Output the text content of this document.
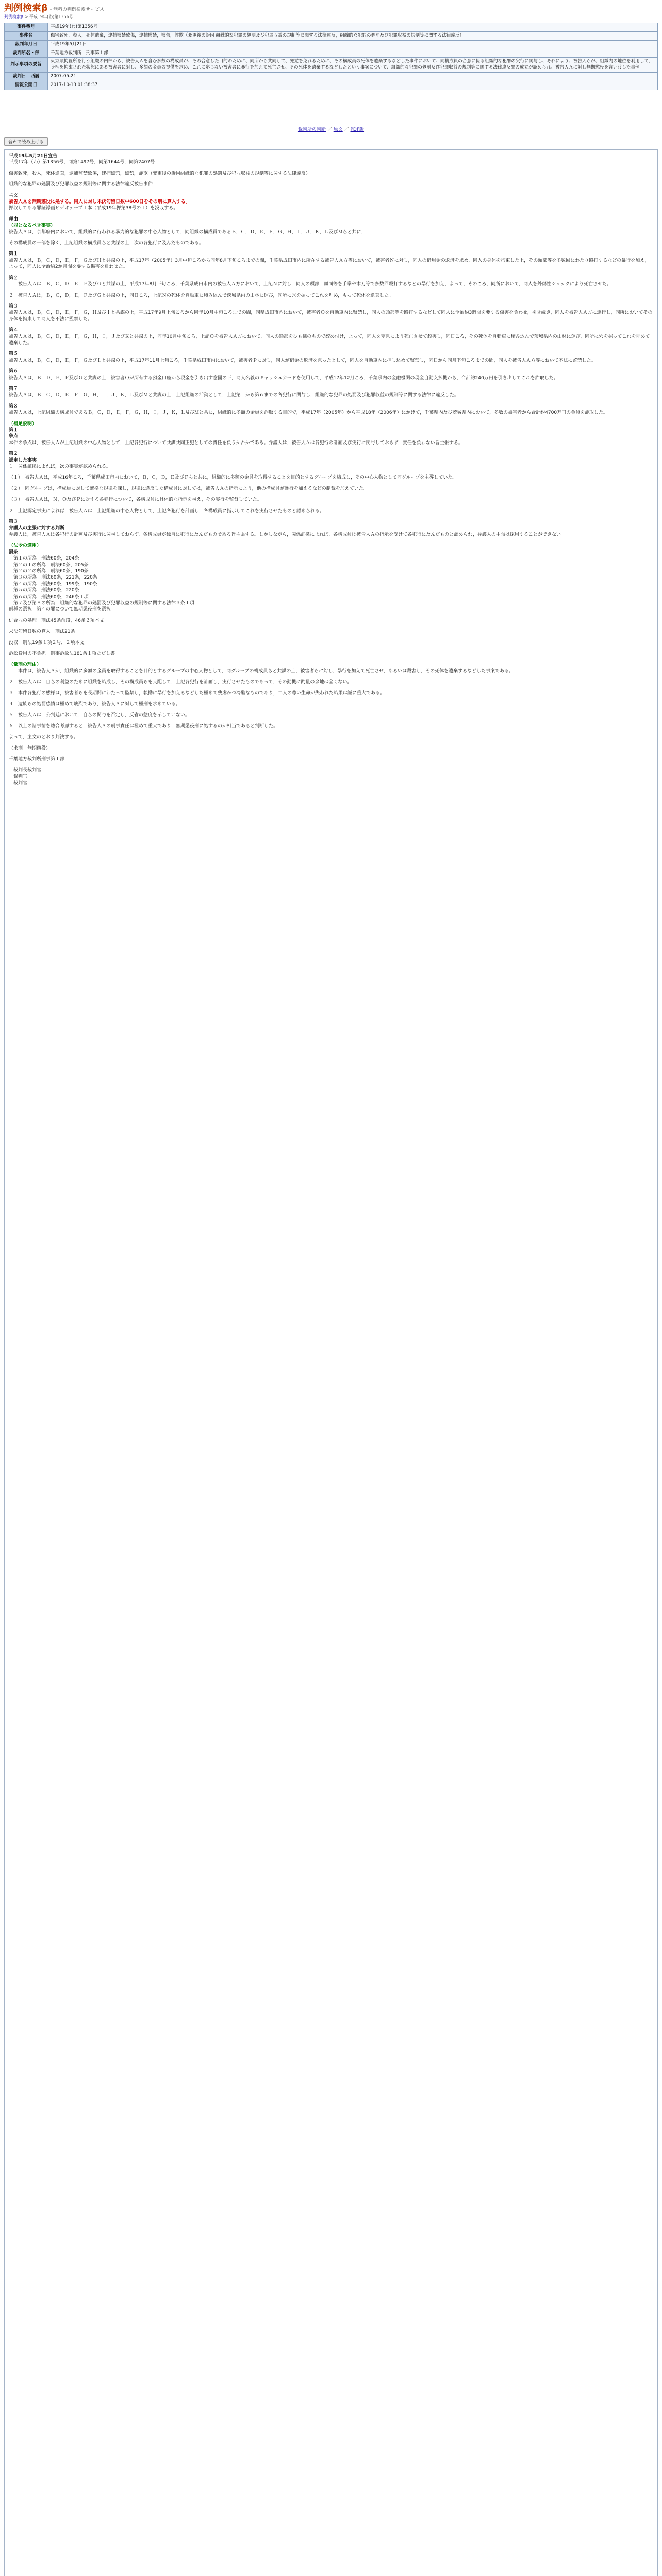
判例検索β - 無料の判例検索サービス
判例検索β > 平成19年(わ)第1356号
事件番号	平成19年(わ)第1356号
事件名	傷害致死，殺人，死体遺棄，逮捕監禁致傷，逮捕監禁，監禁，詐欺（変更後の訴因 組織的な犯罪の処罰及び犯罪収益の規制等に関する法律違反，組織的な犯罪の処罰及び犯罪収益の規制等に関する法律違反）
裁判年月日	平成19年5月21日
裁判所名・部	千葉地方裁判所　刑事第１部
判示事項の要旨	東京頭拘置所を行う組織の内部から、被告人Ａを含む多数の構成員が、その合意した目的のために、同所から共同して、発覚を免れるために、その構成員の死体を遺棄するなどした事件において、同構成員の合意に係る組織的な犯罪の実行に関与し、それにより、被告人らが、組織内の地位を利用して、身柄を拘束された状態にある被害者に対し、多額の金員の提供を求め、これに応じない被害者に暴行を加えて死亡させ、その死体を遺棄するなどしたという事案について、組織的な犯罪の処罰及び犯罪収益の規制等に関する法律違反罪の成立が認められ、被告人Ａに対し無期懲役を言い渡した事例
裁判日：西暦	2007-05-21
情報公開日	2017-10-13 01:38:37
裁判所の判断 ／ 原文 ／ PDF版
音声で読み上げる
平成19年5月21日宣告
平成17年（わ）第1356号，同第1497号，同第1644号，同第2407号
傷害致死，殺人，死体遺棄，逮捕監禁致傷，逮捕監禁，監禁，詐欺（変更後の訴因組織的な犯罪の処罰及び犯罪収益の規制等に関する法律違反）
組織的な犯罪の処罰及び犯罪収益の規制等に関する法律違反被告事件
主文
被告人Ａを無期懲役に処する。同人に対し未決勾留日数中600日をその刑に算入する。
押収してある罪証録画ビデオテープ１本（平成19年押第38号の１）を没収する。
理由
（罪となるべき事実）
被告人Ａは，京都府内において，組織的に行われる暴力的な犯罪の中心人物として，同組織の構成員であるＢ，Ｃ，Ｄ，Ｅ，Ｆ，Ｇ，Ｈ，Ｉ，Ｊ，Ｋ，Ｌ及びＭらと共に，
その構成員の一部を除く，上記組織の構成員らと共謀の上，次の各犯行に及んだものである。
第１
被告人Ａは，Ｂ，Ｃ，Ｄ，Ｅ，Ｆ，Ｇ及びＨと共謀の上，平成17年（2005年）3月中旬ころから同年8月下旬ころまでの間，千葉県成田市内に所在する被告人Ａ方等において，被害者Ｎに対し，同人の借用金の返済を求め，同人の身体を拘束した上，その頭部等を多数回にわたり殴打するなどの暴行を加え，よって，同人に全治約2か月間を要する傷害を負わせた。
第２
１　被告人Ａは，Ｂ，Ｃ，Ｄ，Ｅ，Ｆ及びＧと共謀の上，平成17年8月下旬ころ，千葉県成田市内の被告人Ａ方において，上記Ｎに対し，同人の頭部，顔面等を手拳や木刀等で多数回殴打するなどの暴行を加え，よって，そのころ，同所において，同人を外傷性ショックにより死亡させた。
２　被告人Ａは，Ｂ，Ｃ，Ｄ，Ｅ，Ｆ及びＧと共謀の上，同日ころ，上記Ｎの死体を自動車に積み込んで茨城県内の山林に運び，同所に穴を掘ってこれを埋め，もって死体を遺棄した。
第３
被告人Ａは，Ｂ，Ｃ，Ｄ，Ｅ，Ｆ，Ｇ，Ｈ及びＩと共謀の上，平成17年9月上旬ころから同年10月中旬ころまでの間，同県成田市内において，被害者Ｏを自動車内に監禁し，同人の頭部等を殴打するなどして同人に全治約3週間を要する傷害を負わせ，引き続き，同人を被告人Ａ方に連行し，同所においてその身体を拘束して同人を不法に監禁した。
第４
被告人Ａは，Ｂ，Ｃ，Ｄ，Ｅ，Ｆ，Ｇ，Ｈ，Ｉ，Ｊ及びＫと共謀の上，同年10月中旬ころ，上記Ｏを被告人Ａ方において，同人の頸部をひも様のもので絞め付け，よって，同人を窒息により死亡させて殺害し，同日ころ，その死体を自動車に積み込んで茨城県内の山林に運び，同所に穴を掘ってこれを埋めて遺棄した。
第５
被告人Ａは，Ｂ，Ｃ，Ｄ，Ｅ，Ｆ，Ｇ及びＬと共謀の上，平成17年11月上旬ころ，千葉県成田市内において，被害者Ｐに対し，同人が借金の返済を怠ったとして，同人を自動車内に押し込めて監禁し，同日から同月下旬ころまでの間，同人を被告人Ａ方等において不法に監禁した。
第６
被告人Ａは，Ｂ，Ｄ，Ｅ，Ｆ及びＧと共謀の上，被害者Ｑが所有する預金口座から現金を引き出す意図の下，同人名義のキャッシュカードを使用して，平成17年12月ころ，千葉県内の金融機関の現金自動支払機から，合計約240万円を引き出してこれを詐取した。
第７
被告人Ａは，Ｂ，Ｃ，Ｄ，Ｅ，Ｆ，Ｇ，Ｈ，Ｉ，Ｊ，Ｋ，Ｌ及びＭと共謀の上，上記組織の活動として，上記第１から第６までの各犯行に関与し，組織的な犯罪の処罰及び犯罪収益の規制等に関する法律に違反した。
第８
被告人Ａは，上記組織の構成員であるＢ，Ｃ，Ｄ，Ｅ，Ｆ，Ｇ，Ｈ，Ｉ，Ｊ，Ｋ，Ｌ及びＭと共に，組織的に多額の金員を詐取する目的で，平成17年（2005年）から平成18年（2006年）にかけて，千葉県内及び茨城県内において，多数の被害者から合計約4700万円の金員を詐取した。
（補足説明）
第１
争点
本件の争点は，被告人Ａが上記組織の中心人物として，上記各犯行について共謀共同正犯としての責任を負うか否かである。弁護人は，被告人Ａは各犯行の計画及び実行に関与しておらず，責任を負わない旨主張する。
第２
認定した事実
１　関係証拠によれば，次の事実が認められる。
（１）　被告人Ａは，平成16年ころ，千葉県成田市内において，Ｂ，Ｃ，Ｄ，Ｅ及びＦらと共に，組織的に多額の金員を取得することを目的とするグループを結成し，その中心人物として同グループを主導していた。
（２）　同グループは，構成員に対して厳格な規律を課し，規律に違反した構成員に対しては，被告人Ａの指示により，他の構成員が暴行を加えるなどの制裁を加えていた。
（３）　被告人Ａは，Ｎ，Ｏ及びＰに対する各犯行について，各構成員に具体的な指示を与え，その実行を監督していた。
２　上記認定事実によれば，被告人Ａは，上記組織の中心人物として，上記各犯行を計画し，各構成員に指示してこれを実行させたものと認められる。
第３
弁護人の主張に対する判断
弁護人は，被告人Ａは各犯行の計画及び実行に関与しておらず，各構成員が独自に犯行に及んだものである旨主張する。しかしながら，関係証拠によれば，各構成員は被告人Ａの指示を受けて各犯行に及んだものと認められ，弁護人の主張は採用することができない。
（法令の適用）
罰条
第１の所為　刑法60条，204条
第２の１の所為　刑法60条，205条
第２の２の所為　刑法60条，190条
第３の所為　刑法60条，221条，220条
第４の所為　刑法60条，199条，190条
第５の所為　刑法60条，220条
第６の所為　刑法60条，246条１項
第７及び第８の所為　組織的な犯罪の処罰及び犯罪収益の規制等に関する法律３条１項
刑種の選択　第４の罪について無期懲役刑を選択
併合罪の処理　刑法45条前段，46条２項本文
未決勾留日数の算入　刑法21条
没収　刑法19条１項２号，２項本文
訴訟費用の不負担　刑事訴訟法181条１項ただし書
（量刑の理由）
１　本件は，被告人Ａが，組織的に多額の金員を取得することを目的とするグループの中心人物として，同グループの構成員らと共謀の上，被害者らに対し，暴行を加えて死亡させ，あるいは殺害し，その死体を遺棄するなどした事案である。
２　被告人Ａは，自らの利益のために組織を結成し，その構成員らを支配して，上記各犯行を計画し，実行させたものであって，その動機に酌量の余地は全くない。
３　本件各犯行の態様は，被害者らを長期間にわたって監禁し，執拗に暴行を加えるなどした極めて残虐かつ冷酷なものであり，二人の尊い生命が失われた結果は誠に重大である。
４　遺族らの処罰感情は極めて峻烈であり，被告人Ａに対して極刑を求めている。
５　被告人Ａは，公判廷において，自らの関与を否定し，反省の態度を示していない。
６　以上の諸事情を総合考慮すると，被告人Ａの刑事責任は極めて重大であり，無期懲役刑に処するのが相当であると判断した。
よって，主文のとおり判決する。
（求刑　無期懲役）
千葉地方裁判所刑事第１部
裁判長裁判官
裁判官
裁判官
